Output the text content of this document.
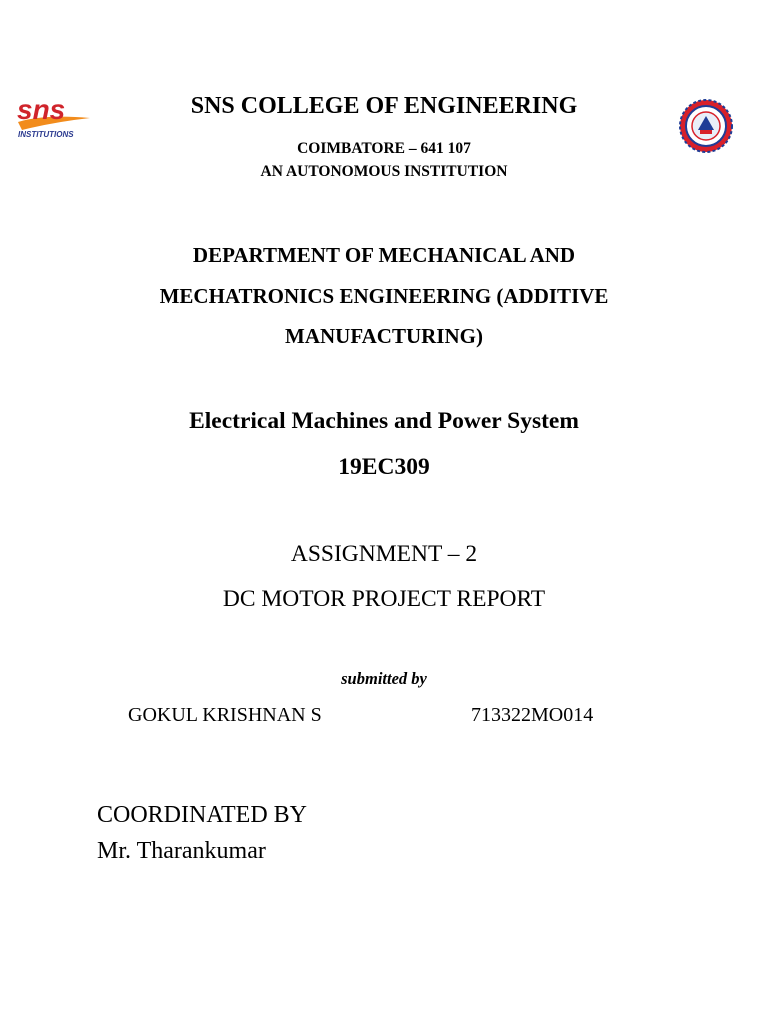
sns
INSTITUTIONS
SNS COLLEGE OF ENGINEERING
COIMBATORE – 641 107
AN AUTONOMOUS INSTITUTION
DEPARTMENT OF MECHANICAL AND
MECHATRONICS ENGINEERING (ADDITIVE
MANUFACTURING)
Electrical Machines and Power System
19EC309
ASSIGNMENT – 2
DC MOTOR PROJECT REPORT
submitted by
GOKUL KRISHNAN S	713322MO014
COORDINATED BY
Mr. Tharankumar
